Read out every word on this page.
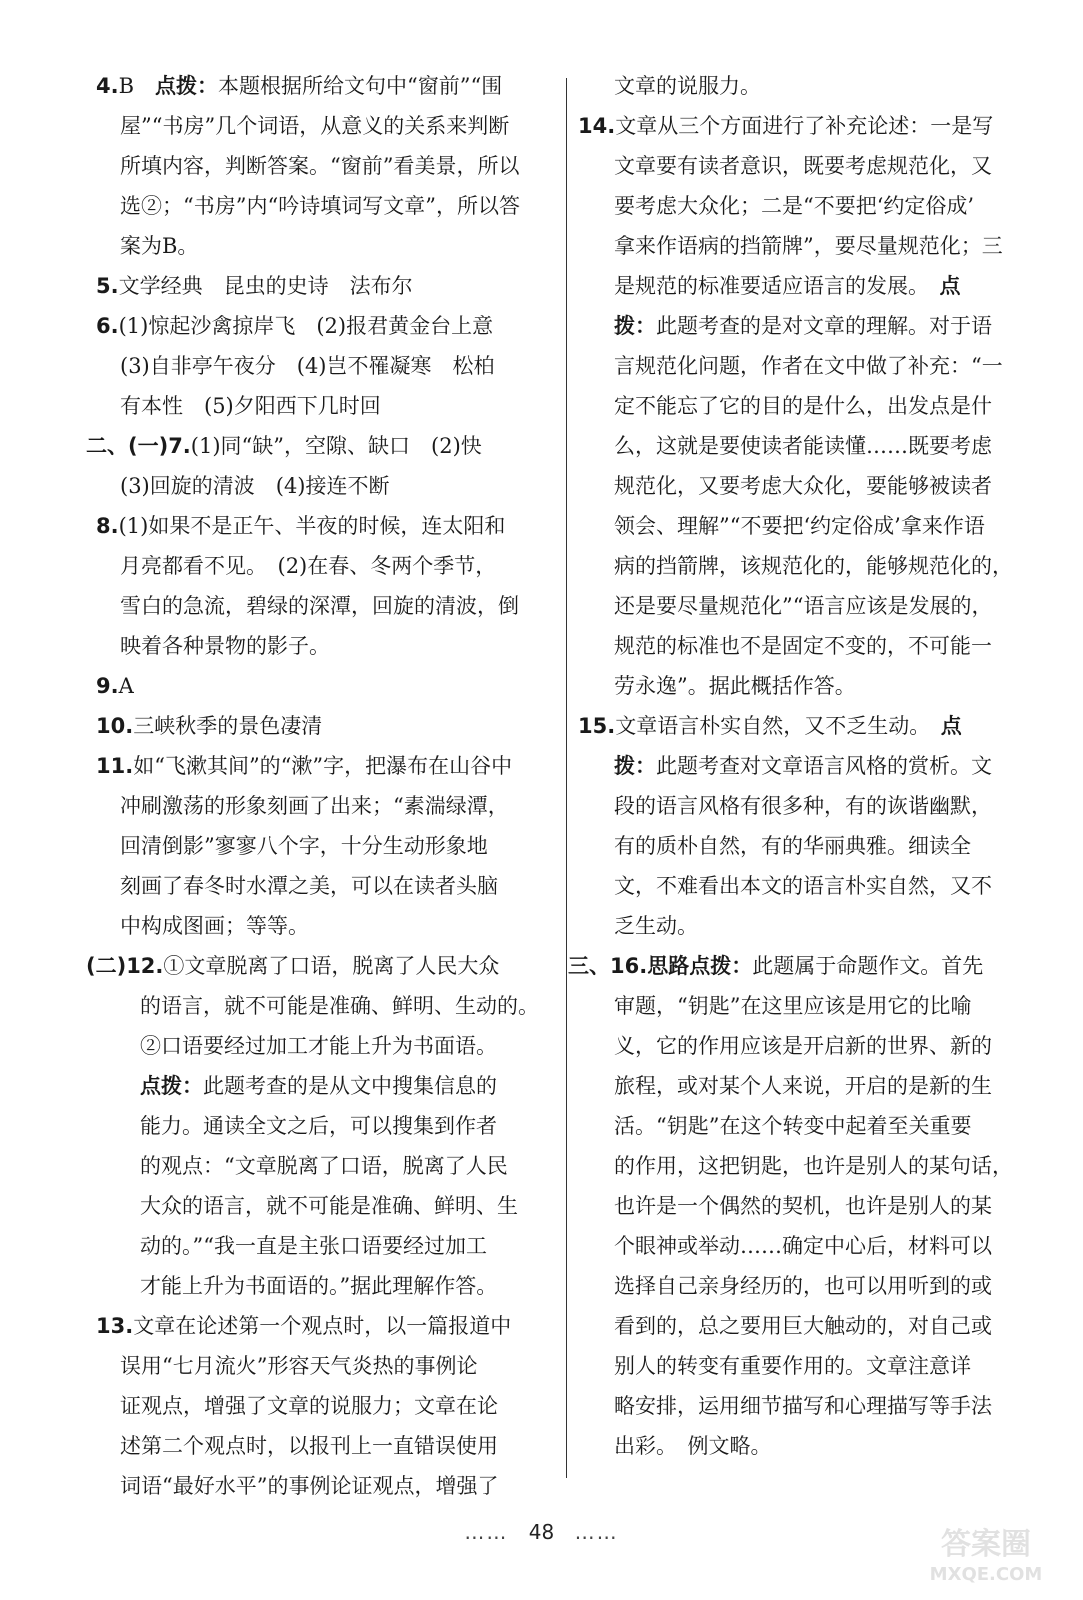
4.B　点拨：本题根据所给文句中“窗前”“围
屋”“书房”几个词语，从意义的关系来判断
所填内容，判断答案。“窗前”看美景，所以
选②；“书房”内“吟诗填词写文章”，所以答
案为B。
5.文学经典　昆虫的史诗　法布尔
6.(1)惊起沙禽掠岸飞　(2)报君黄金台上意
(3)自非亭午夜分　(4)岂不罹凝寒　松柏
有本性　(5)夕阳西下几时回
二、(一)7.(1)同“缺”，空隙、缺口　(2)快
(3)回旋的清波　(4)接连不断
8.(1)如果不是正午、半夜的时候，连太阳和
月亮都看不见。　(2)在春、冬两个季节，
雪白的急流，碧绿的深潭，回旋的清波，倒
映着各种景物的影子。
9.A
10.三峡秋季的景色凄清
11.如“飞漱其间”的“漱”字，把瀑布在山谷中
冲刷激荡的形象刻画了出来；“素湍绿潭，
回清倒影”寥寥八个字，十分生动形象地
刻画了春冬时水潭之美，可以在读者头脑
中构成图画；等等。
(二)12.①文章脱离了口语，脱离了人民大众
的语言，就不可能是准确、鲜明、生动的。
②口语要经过加工才能上升为书面语。
点拨：此题考查的是从文中搜集信息的
能力。通读全文之后，可以搜集到作者
的观点：“文章脱离了口语，脱离了人民
大众的语言，就不可能是准确、鲜明、生
动的。”“我一直是主张口语要经过加工
才能上升为书面语的。”据此理解作答。
13.文章在论述第一个观点时，以一篇报道中
误用“七月流火”形容天气炎热的事例论
证观点，增强了文章的说服力；文章在论
述第二个观点时，以报刊上一直错误使用
词语“最好水平”的事例论证观点，增强了
文章的说服力。
14.文章从三个方面进行了补充论述：一是写
文章要有读者意识，既要考虑规范化，又
要考虑大众化；二是“不要把‘约定俗成’
拿来作语病的挡箭牌”，要尽量规范化；三
是规范的标准要适应语言的发展。　点
拨：此题考查的是对文章的理解。对于语
言规范化问题，作者在文中做了补充：“一
定不能忘了它的目的是什么，出发点是什
么，这就是要使读者能读懂……既要考虑
规范化，又要考虑大众化，要能够被读者
领会、理解”“不要把‘约定俗成’拿来作语
病的挡箭牌，该规范化的，能够规范化的，
还是要尽量规范化”“语言应该是发展的，
规范的标准也不是固定不变的，不可能一
劳永逸”。据此概括作答。
15.文章语言朴实自然，又不乏生动。　点
拨：此题考查对文章语言风格的赏析。文
段的语言风格有很多种，有的诙谐幽默，
有的质朴自然，有的华丽典雅。细读全
文，不难看出本文的语言朴实自然，又不
乏生动。
三、16.思路点拨：此题属于命题作文。首先
审题，“钥匙”在这里应该是用它的比喻
义，它的作用应该是开启新的世界、新的
旅程，或对某个人来说，开启的是新的生
活。“钥匙”在这个转变中起着至关重要
的作用，这把钥匙，也许是别人的某句话，
也许是一个偶然的契机，也许是别人的某
个眼神或举动……确定中心后，材料可以
选择自己亲身经历的，也可以用听到的或
看到的，总之要用巨大触动的，对自己或
别人的转变有重要作用的。文章注意详
略安排，运用细节描写和心理描写等手法
出彩。　例文略。
…… 48 ……	答案圈
MXQE.COM
